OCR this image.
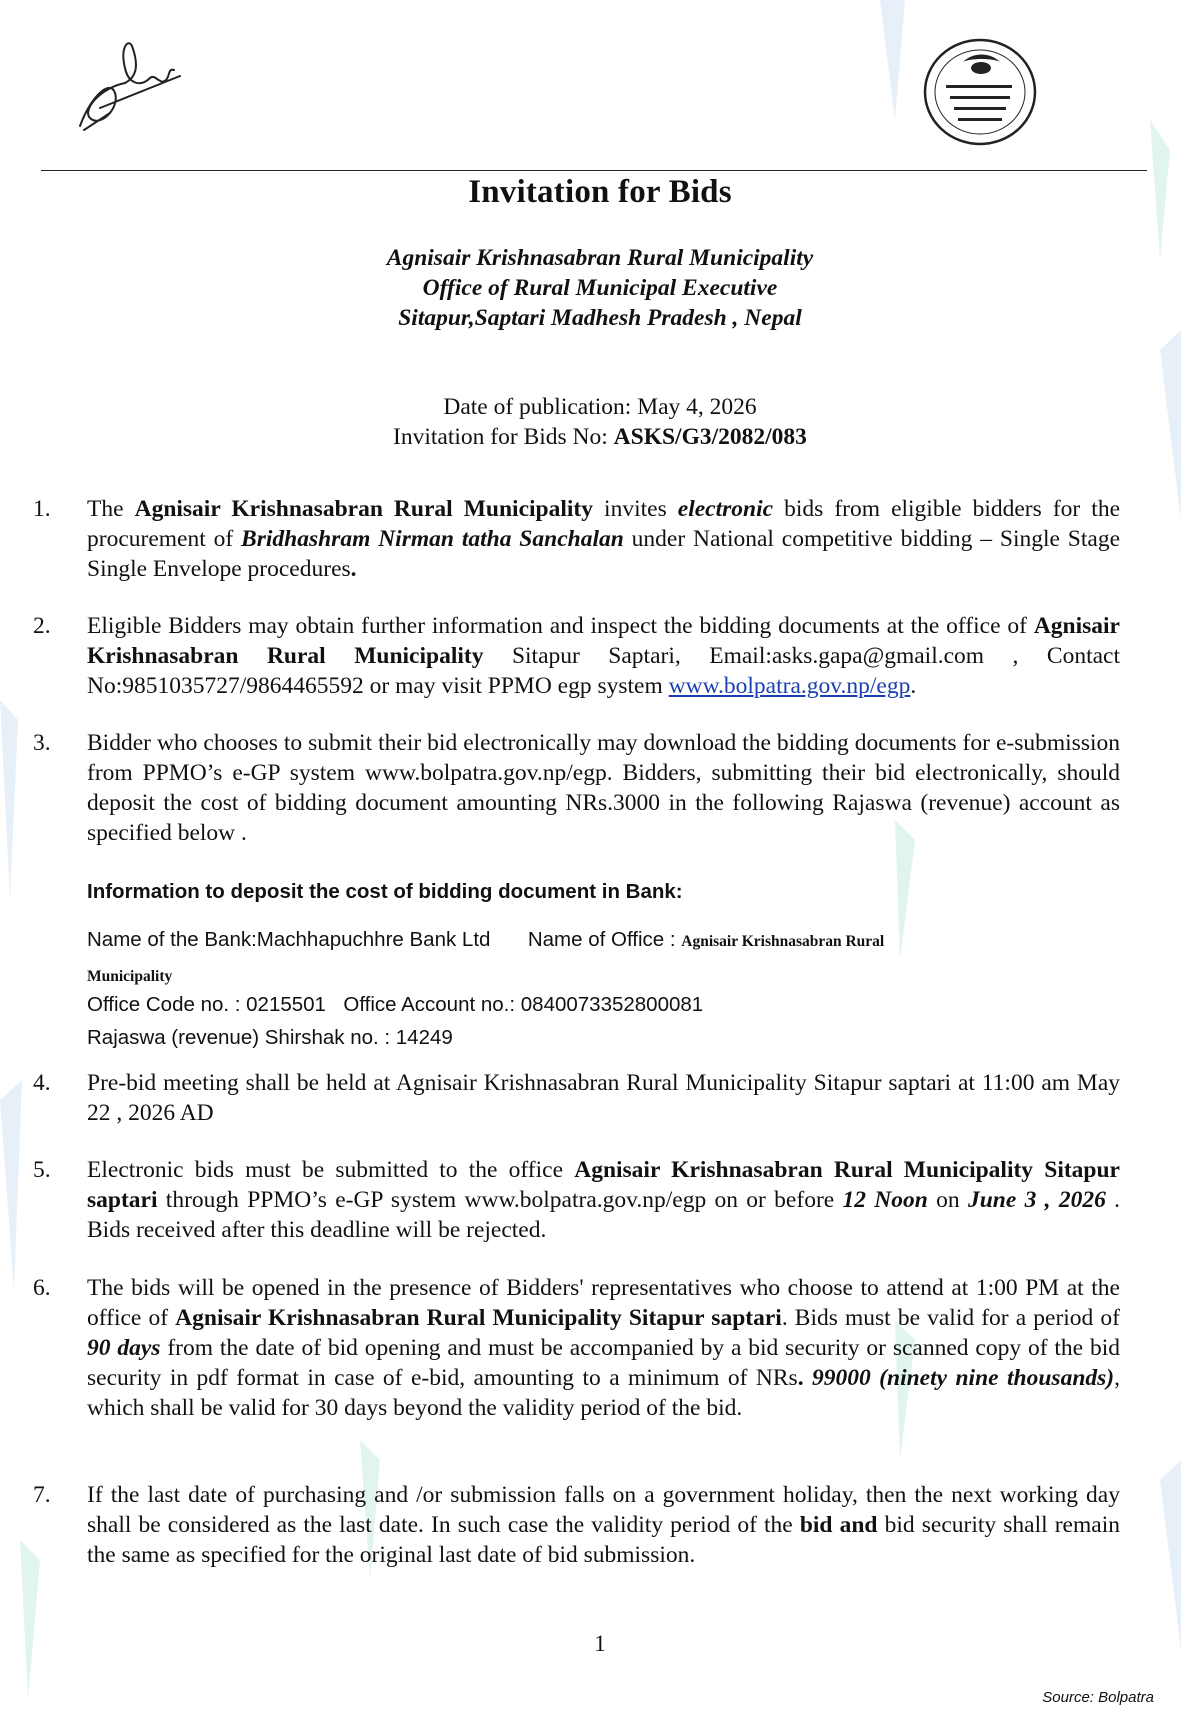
Invitation for Bids
Agnisair Krishnasabran Rural Municipality
Office of Rural Municipal Executive
Sitapur,Saptari Madhesh Pradesh , Nepal
Date of publication: May 4, 2026
Invitation for Bids No: ASKS/G3/2082/083
1. The Agnisair Krishnasabran Rural Municipality invites electronic bids from eligible bidders for the procurement of Bridhashram Nirman tatha Sanchalan under National competitive bidding – Single Stage Single Envelope procedures.
2. Eligible Bidders may obtain further information and inspect the bidding documents at the office of Agnisair Krishnasabran Rural Municipality Sitapur Saptari, Email:asks.gapa@gmail.com , Contact No:9851035727/9864465592 or may visit PPMO egp system www.bolpatra.gov.np/egp.
3. Bidder who chooses to submit their bid electronically may download the bidding documents for e-submission from PPMO’s e-GP system www.bolpatra.gov.np/egp. Bidders, submitting their bid electronically, should deposit the cost of bidding document amounting NRs.3000 in the following Rajaswa (revenue) account as specified below .
Information to deposit the cost of bidding document in Bank:
Name of the Bank:Machhapuchhre Bank Ltd Name of Office : Agnisair Krishnasabran Rural
Municipality
Office Code no. : 0215501 Office Account no.: 0840073352800081
Rajaswa (revenue) Shirshak no. : 14249
4. Pre-bid meeting shall be held at Agnisair Krishnasabran Rural Municipality Sitapur saptari at 11:00 am May 22 , 2026 AD
5. Electronic bids must be submitted to the office Agnisair Krishnasabran Rural Municipality Sitapur saptari through PPMO’s e-GP system www.bolpatra.gov.np/egp on or before 12 Noon on June 3 , 2026 . Bids received after this deadline will be rejected.
6. The bids will be opened in the presence of Bidders' representatives who choose to attend at 1:00 PM at the office of Agnisair Krishnasabran Rural Municipality Sitapur saptari. Bids must be valid for a period of 90 days from the date of bid opening and must be accompanied by a bid security or scanned copy of the bid security in pdf format in case of e-bid, amounting to a minimum of NRs. 99000 (ninety nine thousands), which shall be valid for 30 days beyond the validity period of the bid.
7. If the last date of purchasing and /or submission falls on a government holiday, then the next working day shall be considered as the last date. In such case the validity period of the bid and bid security shall remain the same as specified for the original last date of bid submission.
1
Source: Bolpatra
